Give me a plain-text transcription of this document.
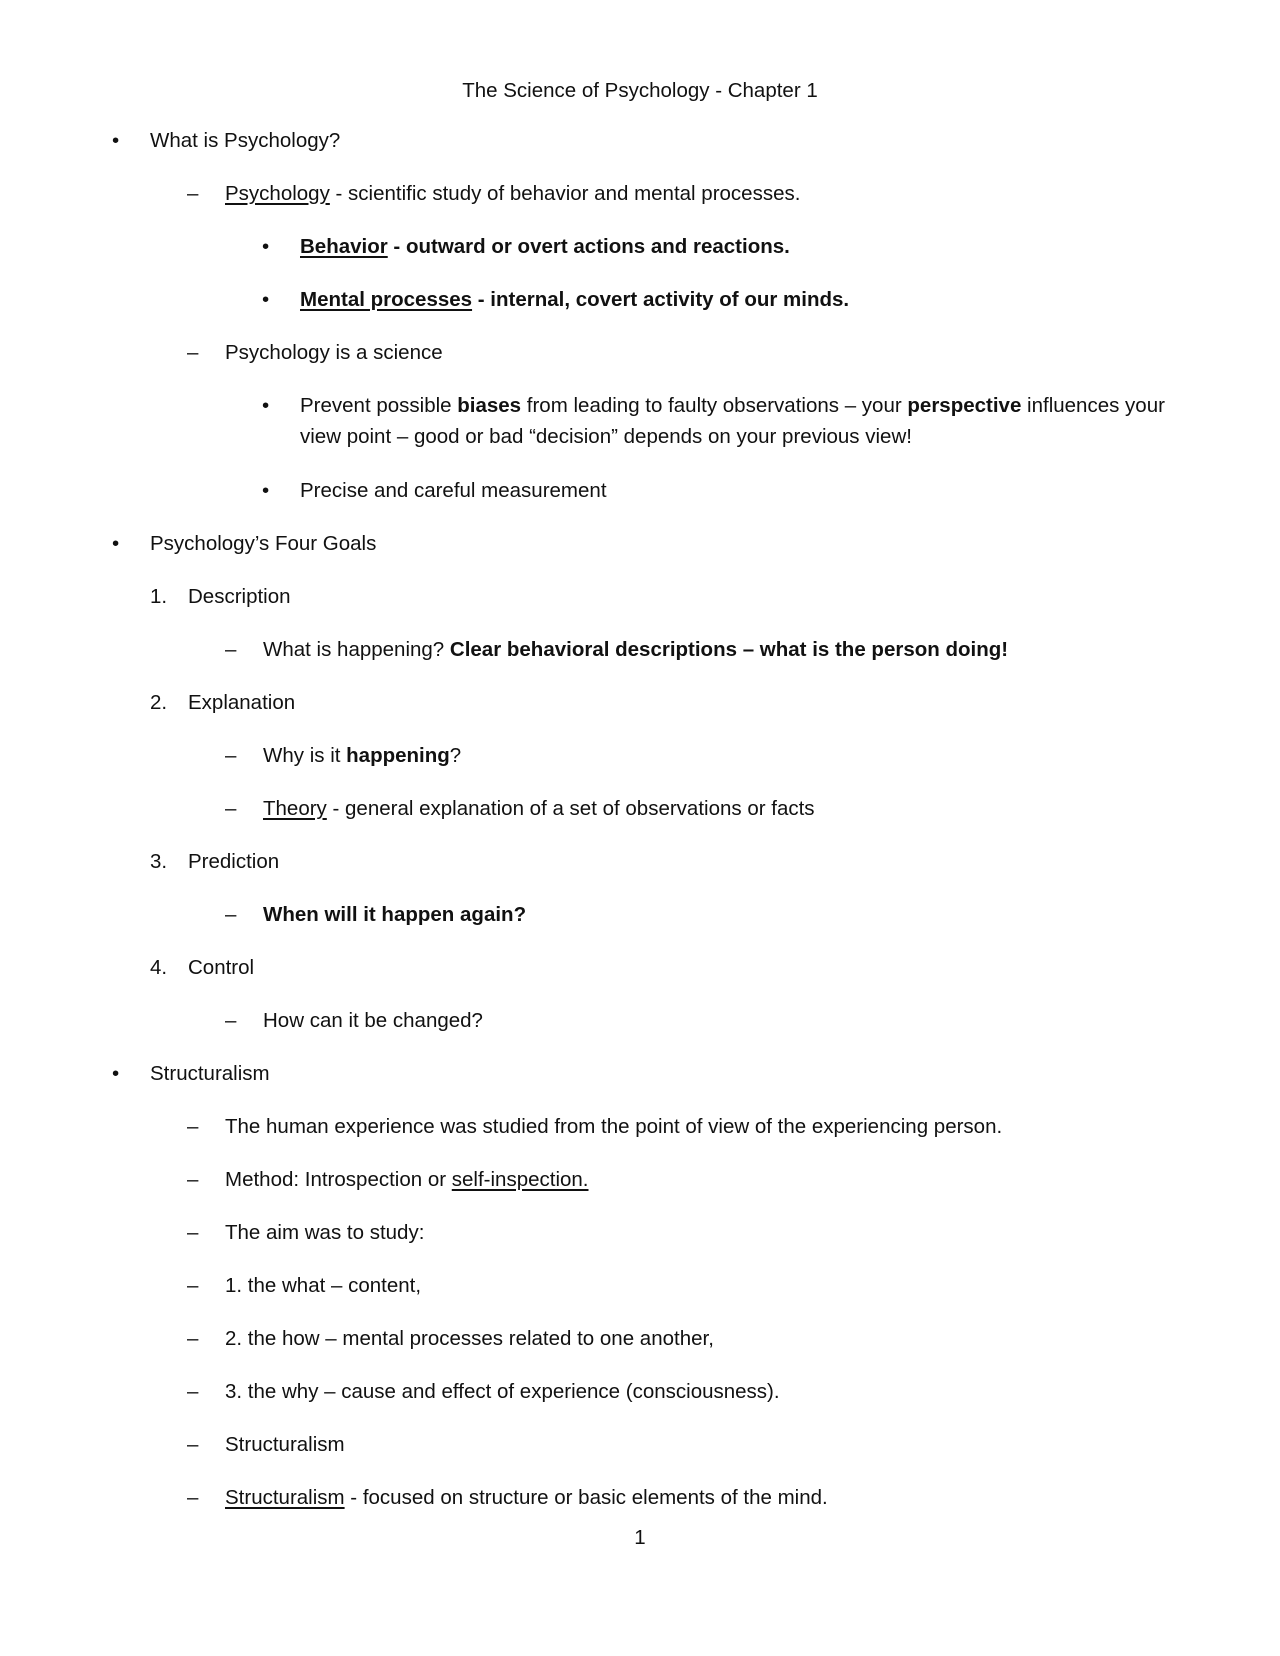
The Science of Psychology - Chapter 1
• What is Psychology?
– Psychology - scientific study of behavior and mental processes.
• Behavior - outward or overt actions and reactions.
• Mental processes - internal, covert activity of our minds.
– Psychology is a science
• Prevent possible biases from leading to faulty observations – your perspective influences your view point – good or bad “decision” depends on your previous view!
• Precise and careful measurement
• Psychology’s Four Goals
1. Description
– What is happening? Clear behavioral descriptions – what is the person doing!
2. Explanation
– Why is it happening?
– Theory - general explanation of a set of observations or facts
3. Prediction
– When will it happen again?
4. Control
– How can it be changed?
• Structuralism
– The human experience was studied from the point of view of the experiencing person.
– Method: Introspection or self-inspection.
– The aim was to study:
– 1. the what – content,
– 2. the how – mental processes related to one another,
– 3. the why – cause and effect of experience (consciousness).
– Structuralism
– Structuralism - focused on structure or basic elements of the mind.
1
